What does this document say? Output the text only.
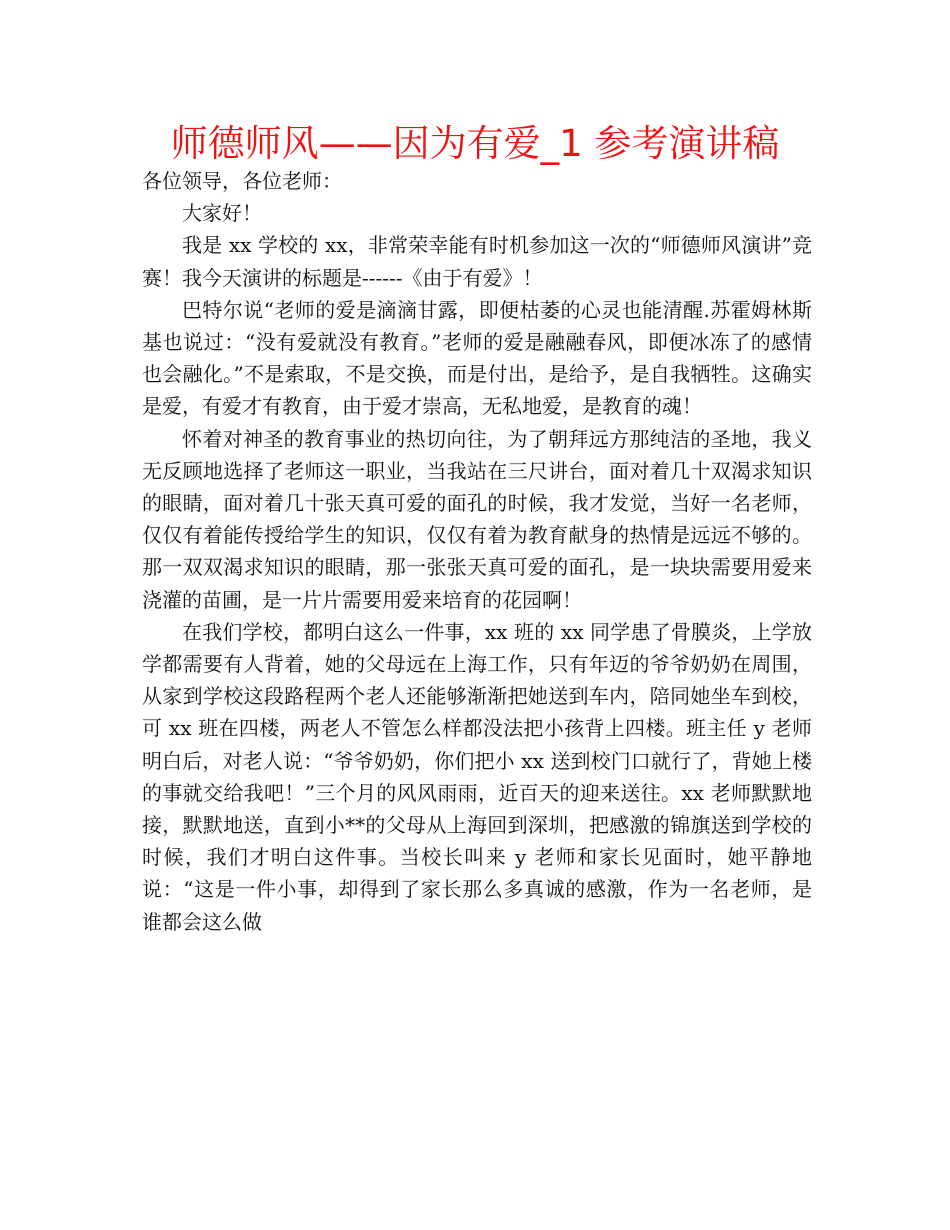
师德师风——因为有爱_1 参考演讲稿

各位领导，各位老师：

大家好！

我是 xx 学校的 xx，非常荣幸能有时机参加这一次的“师德师风演讲”竞赛！我今天演讲的标题是------《由于有爱》！

巴特尔说“老师的爱是滴滴甘露，即便枯萎的心灵也能清醒.苏霍姆林斯基也说过：“没有爱就没有教育。”老师的爱是融融春风，即便冰冻了的感情也会融化。”不是索取，不是交换，而是付出，是给予，是自我牺牲。这确实是爱，有爱才有教育，由于爱才崇高，无私地爱，是教育的魂！

怀着对神圣的教育事业的热切向往，为了朝拜远方那纯洁的圣地，我义无反顾地选择了老师这一职业，当我站在三尺讲台，面对着几十双渴求知识的眼睛，面对着几十张天真可爱的面孔的时候，我才发觉，当好一名老师，仅仅有着能传授给学生的知识，仅仅有着为教育献身的热情是远远不够的。那一双双渴求知识的眼睛，那一张张天真可爱的面孔，是一块块需要用爱来浇灌的苗圃，是一片片需要用爱来培育的花园啊！

在我们学校，都明白这么一件事，xx 班的 xx 同学患了骨膜炎，上学放学都需要有人背着，她的父母远在上海工作，只有年迈的爷爷奶奶在周围，从家到学校这段路程两个老人还能够渐渐把她送到车内，陪同她坐车到校，可 xx 班在四楼，两老人不管怎么样都没法把小孩背上四楼。班主任 y 老师明白后，对老人说：“爷爷奶奶，你们把小 xx 送到校门口就行了，背她上楼的事就交给我吧！”三个月的风风雨雨，近百天的迎来送往。xx 老师默默地接，默默地送，直到小**的父母从上海回到深圳，把感激的锦旗送到学校的时候，我们才明白这件事。当校长叫来 y 老师和家长见面时，她平静地说：“这是一件小事，却得到了家长那么多真诚的感激，作为一名老师，是谁都会这么做
